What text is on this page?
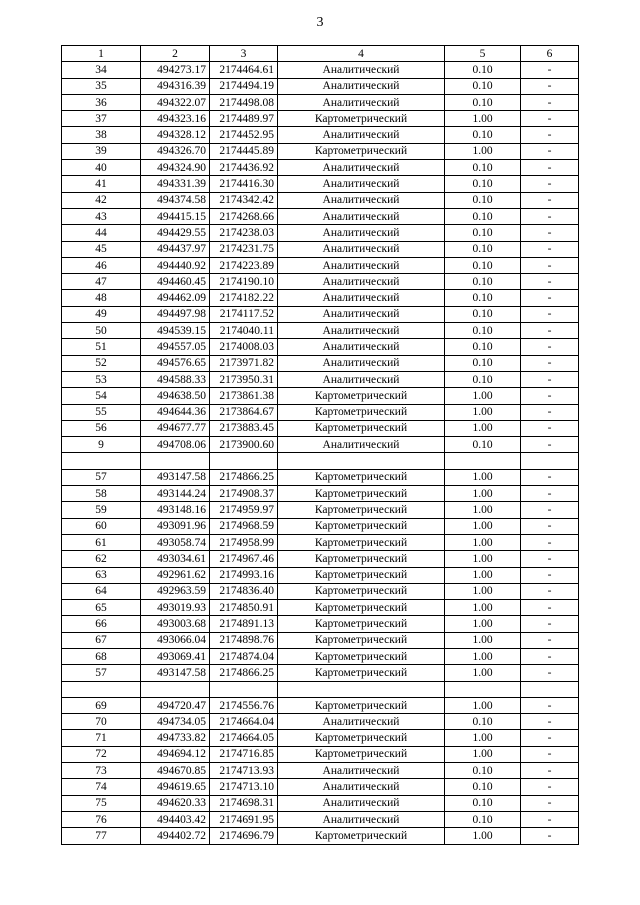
3
1	2	3	4	5	6
34	494273.17	2174464.61	Аналитический	0.10	-
35	494316.39	2174494.19	Аналитический	0.10	-
36	494322.07	2174498.08	Аналитический	0.10	-
37	494323.16	2174489.97	Картометрический	1.00	-
38	494328.12	2174452.95	Аналитический	0.10	-
39	494326.70	2174445.89	Картометрический	1.00	-
40	494324.90	2174436.92	Аналитический	0.10	-
41	494331.39	2174416.30	Аналитический	0.10	-
42	494374.58	2174342.42	Аналитический	0.10	-
43	494415.15	2174268.66	Аналитический	0.10	-
44	494429.55	2174238.03	Аналитический	0.10	-
45	494437.97	2174231.75	Аналитический	0.10	-
46	494440.92	2174223.89	Аналитический	0.10	-
47	494460.45	2174190.10	Аналитический	0.10	-
48	494462.09	2174182.22	Аналитический	0.10	-
49	494497.98	2174117.52	Аналитический	0.10	-
50	494539.15	2174040.11	Аналитический	0.10	-
51	494557.05	2174008.03	Аналитический	0.10	-
52	494576.65	2173971.82	Аналитический	0.10	-
53	494588.33	2173950.31	Аналитический	0.10	-
54	494638.50	2173861.38	Картометрический	1.00	-
55	494644.36	2173864.67	Картометрический	1.00	-
56	494677.77	2173883.45	Картометрический	1.00	-
9	494708.06	2173900.60	Аналитический	0.10	-

57	493147.58	2174866.25	Картометрический	1.00	-
58	493144.24	2174908.37	Картометрический	1.00	-
59	493148.16	2174959.97	Картометрический	1.00	-
60	493091.96	2174968.59	Картометрический	1.00	-
61	493058.74	2174958.99	Картометрический	1.00	-
62	493034.61	2174967.46	Картометрический	1.00	-
63	492961.62	2174993.16	Картометрический	1.00	-
64	492963.59	2174836.40	Картометрический	1.00	-
65	493019.93	2174850.91	Картометрический	1.00	-
66	493003.68	2174891.13	Картометрический	1.00	-
67	493066.04	2174898.76	Картометрический	1.00	-
68	493069.41	2174874.04	Картометрический	1.00	-
57	493147.58	2174866.25	Картометрический	1.00	-

69	494720.47	2174556.76	Картометрический	1.00	-
70	494734.05	2174664.04	Аналитический	0.10	-
71	494733.82	2174664.05	Картометрический	1.00	-
72	494694.12	2174716.85	Картометрический	1.00	-
73	494670.85	2174713.93	Аналитический	0.10	-
74	494619.65	2174713.10	Аналитический	0.10	-
75	494620.33	2174698.31	Аналитический	0.10	-
76	494403.42	2174691.95	Аналитический	0.10	-
77	494402.72	2174696.79	Картометрический	1.00	-
